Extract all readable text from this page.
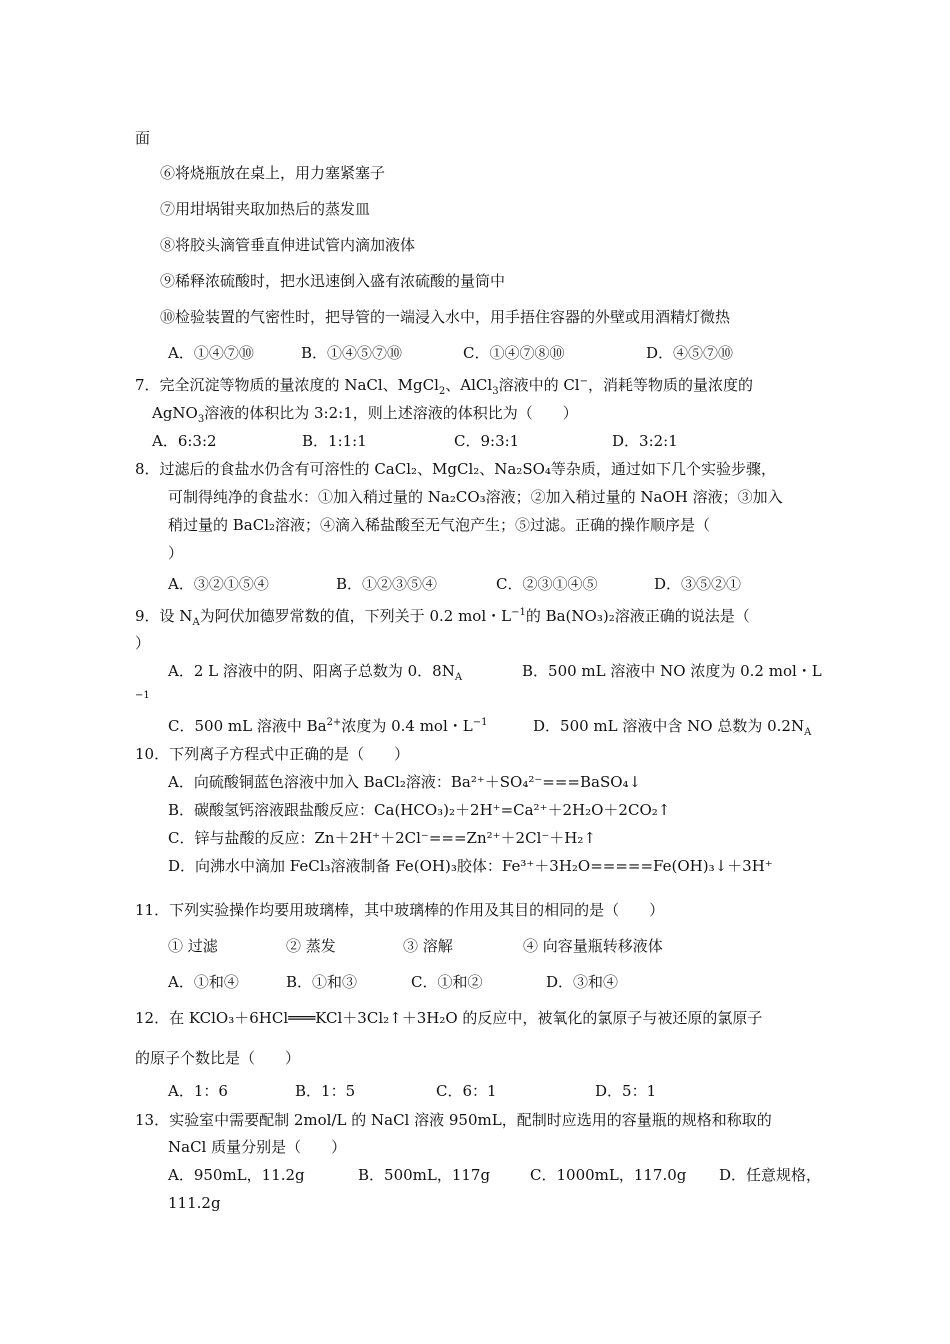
面
⑥将烧瓶放在桌上，用力塞紧塞子
⑦用坩埚钳夹取加热后的蒸发皿
⑧将胶头滴管垂直伸进试管内滴加液体
⑨稀释浓硫酸时，把水迅速倒入盛有浓硫酸的量筒中
⑩检验装置的气密性时，把导管的一端浸入水中，用手捂住容器的外壁或用酒精灯微热
A．①④⑦⑩	B．①④⑤⑦⑩	C．①④⑦⑧⑩	D．④⑤⑦⑩
7．完全沉淀等物质的量浓度的 NaCl、MgCl$_2$、AlCl$_3$溶液中的 Cl−，消耗等物质的量浓度的
AgNO$_3$溶液的体积比为 3:2:1，则上述溶液的体积比为（　　）
A．6:3:2	B．1:1:1	C．9:3:1	D．3:2:1
8．过滤后的食盐水仍含有可溶性的 CaCl₂、MgCl₂、Na₂SO₄等杂质，通过如下几个实验步骤，
可制得纯净的食盐水：①加入稍过量的 Na₂CO₃溶液；②加入稍过量的 NaOH 溶液；③加入
稍过量的 BaCl₂溶液；④滴入稀盐酸至无气泡产生；⑤过滤。正确的操作顺序是（
）
A．③②①⑤④	B．①②③⑤④	C．②③①④⑤	D．③⑤②①
9．设 $N_A$为阿伏加德罗常数的值，下列关于 0.2 mol・$L^{-1}$的 Ba(NO₃)₂溶液正确的说法是（
）
A．2 L 溶液中的阴、阳离子总数为 0．$8N_A$	B．500 mL 溶液中 NO 浓度为 0.2 mol・L
−1
C．500 mL 溶液中 $Ba^{2+}$浓度为 0.4 mol・$L^{-1}$	D．500 mL 溶液中含 NO 总数为 $0.2N_A$
10．下列离子方程式中正确的是（　　）
A．向硫酸铜蓝色溶液中加入 BaCl₂溶液：Ba²⁺＋SO₄²⁻===BaSO₄↓
B．碳酸氢钙溶液跟盐酸反应：Ca(HCO₃)₂＋2H⁺=Ca²⁺＋2H₂O＋2CO₂↑
C．锌与盐酸的反应：Zn＋2H⁺＋2Cl⁻===Zn²⁺＋2Cl⁻＋H₂↑
D．向沸水中滴加 FeCl₃溶液制备 Fe(OH)₃胶体：Fe³⁺＋3H₂O=====Fe(OH)₃↓＋3H⁺
11．下列实验操作均要用玻璃棒，其中玻璃棒的作用及其目的相同的是（　　）
① 过滤	② 蒸发	③ 溶解	④ 向容量瓶转移液体
A．①和④	B．①和③	C．①和②	D．③和④
12．在 KClO₃＋6HCl═══KCl＋3Cl₂↑＋3H₂O 的反应中，被氧化的氯原子与被还原的氯原子
的原子个数比是（　　）
A．1：6	B．1：5	C．6：1	D．5：1
13．实验室中需要配制 2mol/L 的 NaCl 溶液 950mL，配制时应选用的容量瓶的规格和称取的
NaCl 质量分别是（　　）
A．950mL，11.2g	B．500mL，117g	C．1000mL，117.0g D．任意规格，
111.2g
